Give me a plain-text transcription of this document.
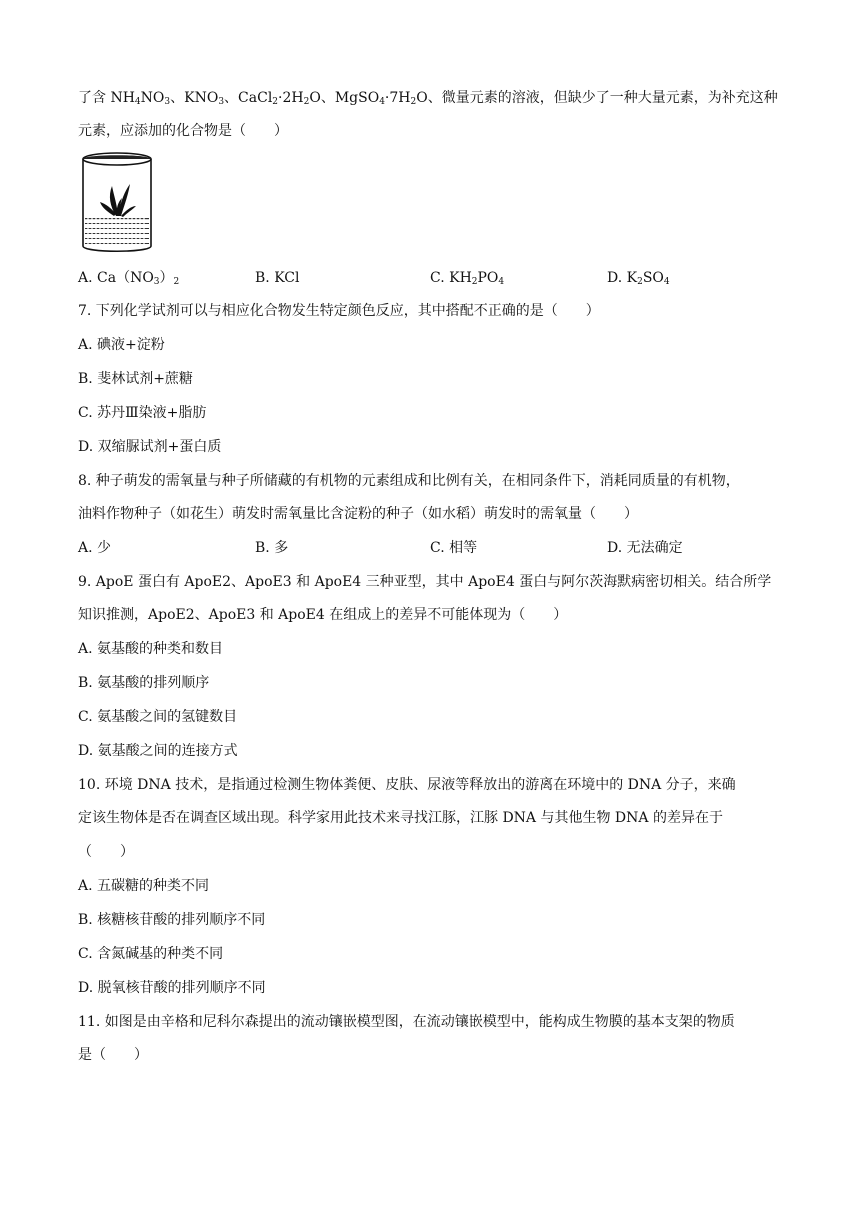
了含 $NH_4NO_3$、$KNO_3$、$CaCl_2\cdot 2H_2O$、$MgSO_4\cdot 7H_2O$、微量元素的溶液，但缺少了一种大量元素，为补充这种
元素，应添加的化合物是（　　）
A. $Ca(NO_3)_2$	B. KCl	C. $KH_2PO_4$	D. $K_2SO_4$
7. 下列化学试剂可以与相应化合物发生特定颜色反应，其中搭配不正确的是（　　）
A. 碘液+淀粉
B. 斐林试剂+蔗糖
C. 苏丹Ⅲ染液+脂肪
D. 双缩脲试剂+蛋白质
8. 种子萌发的需氧量与种子所储藏的有机物的元素组成和比例有关，在相同条件下，消耗同质量的有机物，
油料作物种子（如花生）萌发时需氧量比含淀粉的种子（如水稻）萌发时的需氧量（　　）
A. 少	B. 多	C. 相等	D. 无法确定
9. ApoE 蛋白有 ApoE2、ApoE3 和 ApoE4 三种亚型，其中 ApoE4 蛋白与阿尔茨海默病密切相关。结合所学
知识推测，ApoE2、ApoE3 和 ApoE4 在组成上的差异不可能体现为（　　）
A. 氨基酸的种类和数目
B. 氨基酸的排列顺序
C. 氨基酸之间的氢键数目
D. 氨基酸之间的连接方式
10. 环境 DNA 技术，是指通过检测生物体粪便、皮肤、尿液等释放出的游离在环境中的 DNA 分子，来确
定该生物体是否在调查区域出现。科学家用此技术来寻找江豚，江豚 DNA 与其他生物 DNA 的差异在于
（　　）
A. 五碳糖的种类不同
B. 核糖核苷酸的排列顺序不同
C. 含氮碱基的种类不同
D. 脱氧核苷酸的排列顺序不同
11. 如图是由辛格和尼科尔森提出的流动镶嵌模型图，在流动镶嵌模型中，能构成生物膜的基本支架的物质
是（　　）
